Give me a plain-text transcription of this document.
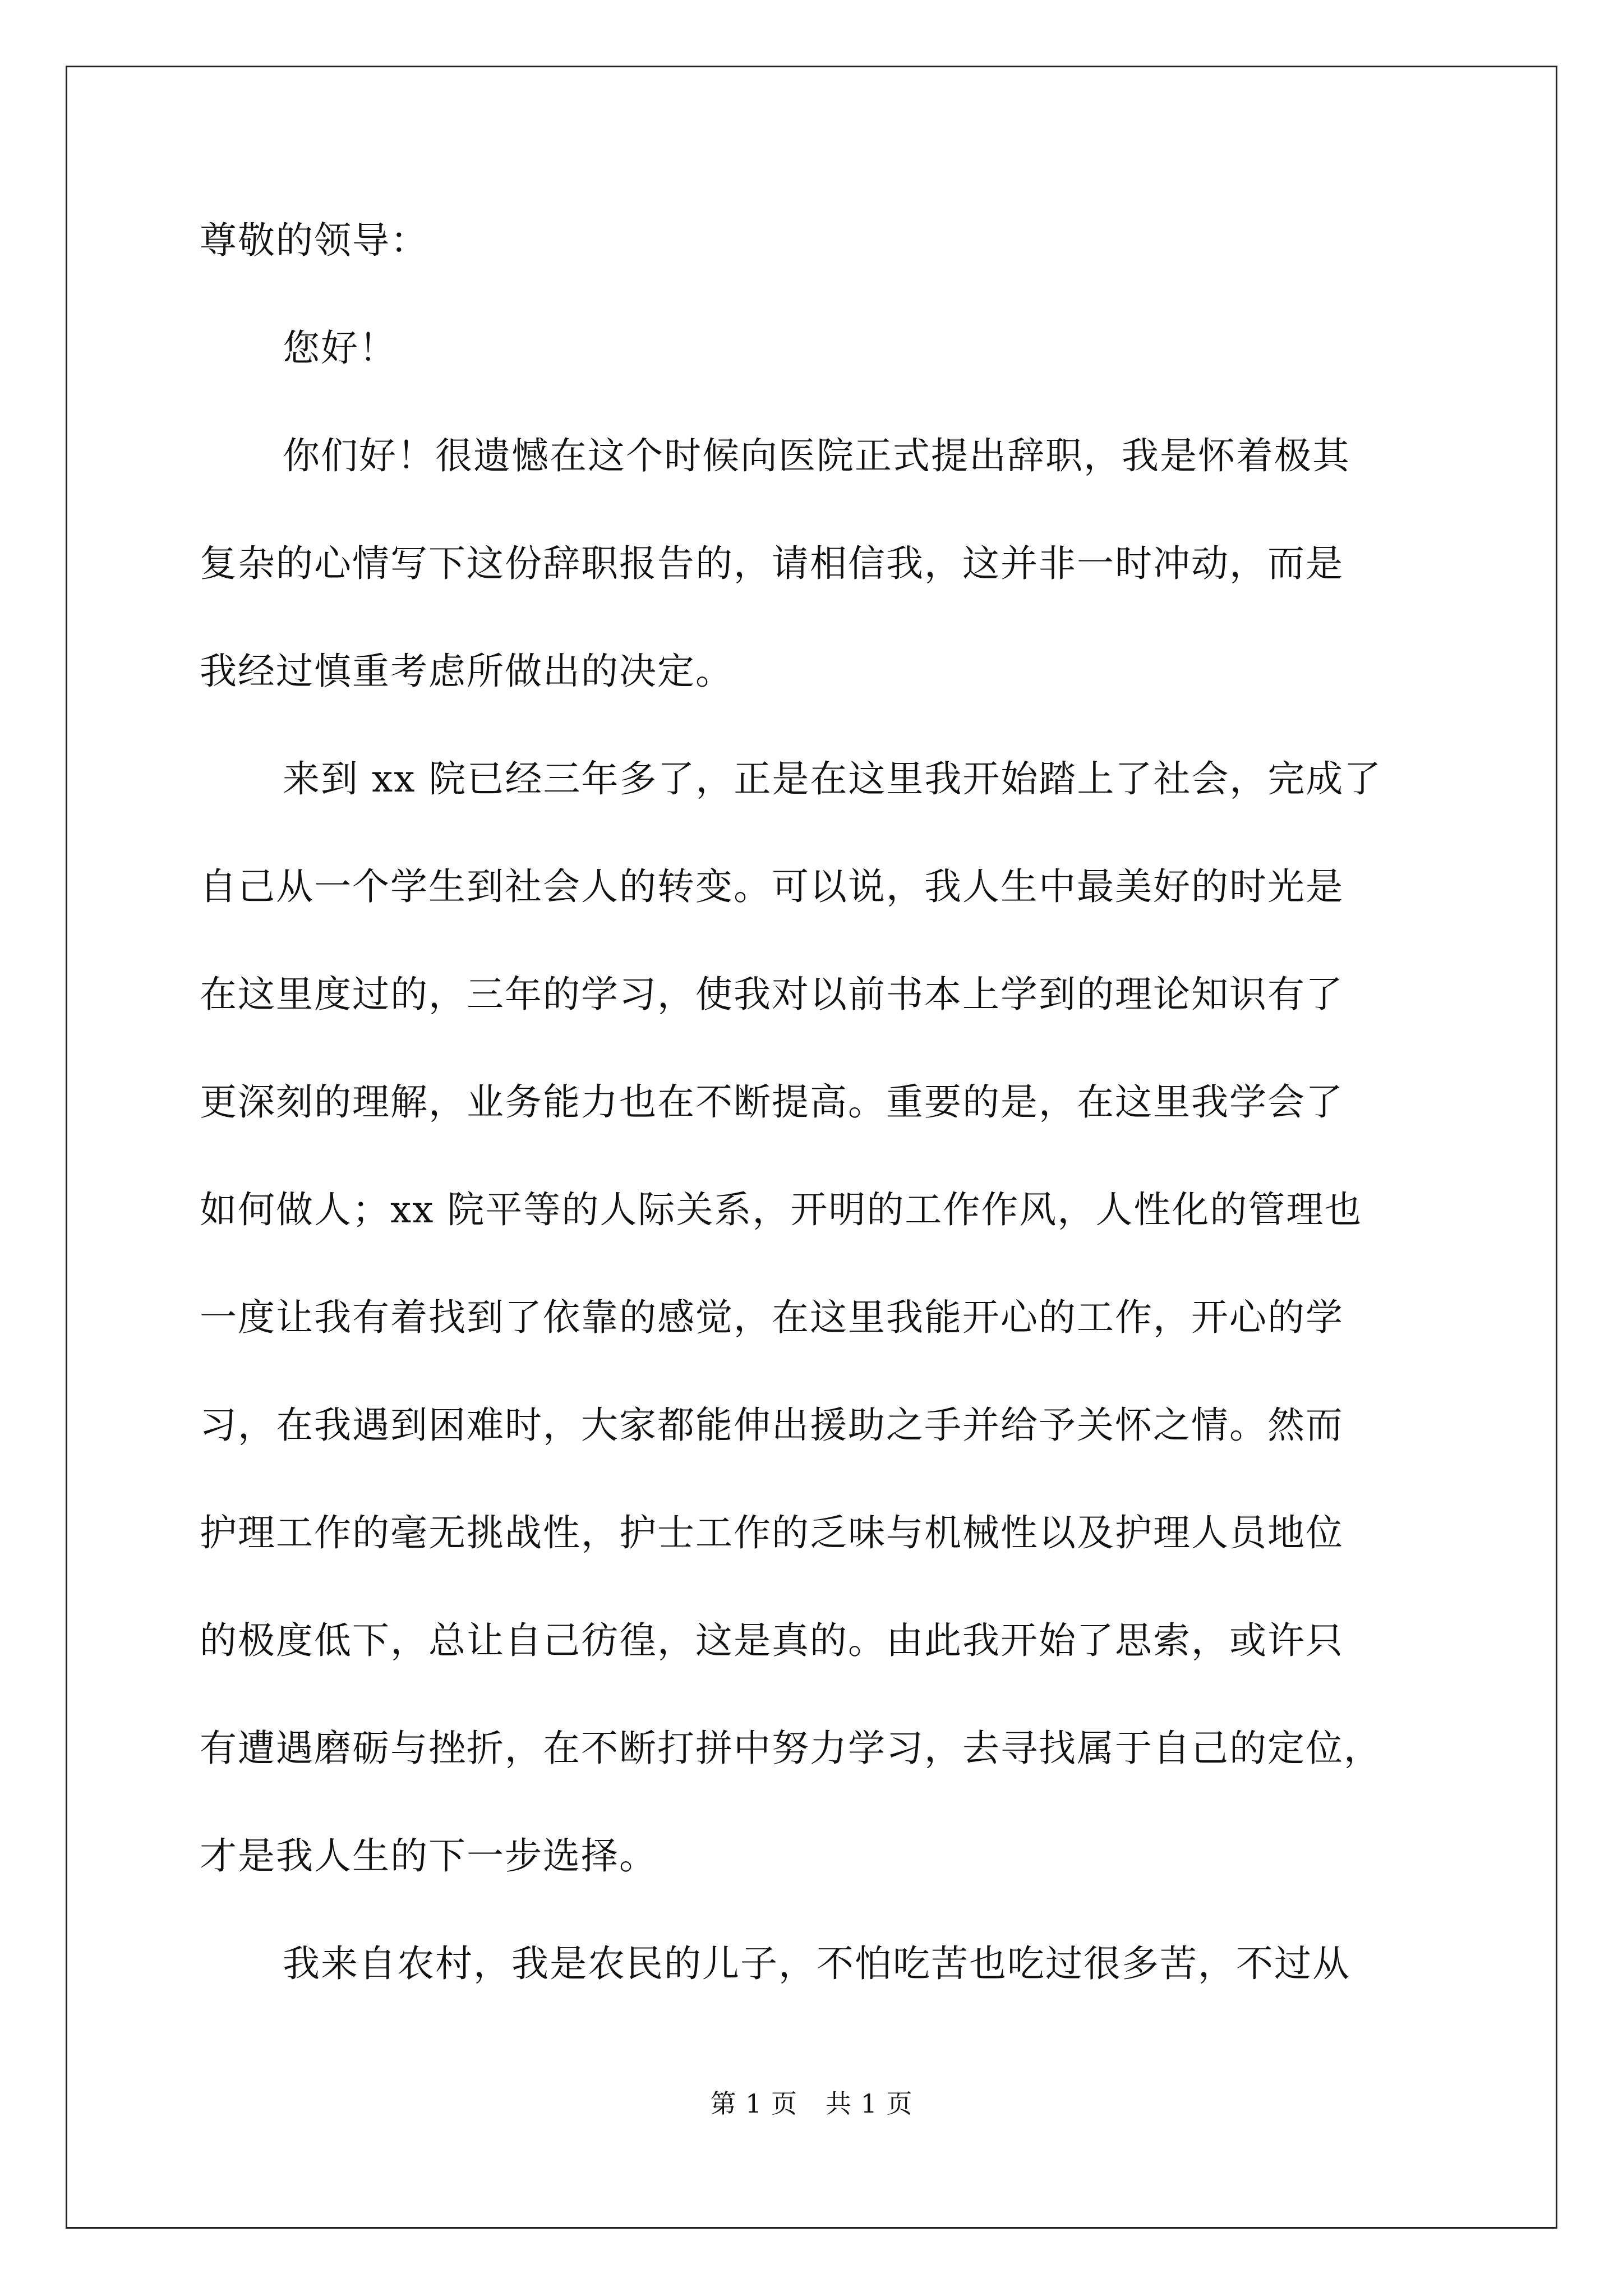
尊敬的领导：
您好！
你们好！很遗憾在这个时候向医院正式提出辞职，我是怀着极其
复杂的心情写下这份辞职报告的，请相信我，这并非一时冲动，而是
我经过慎重考虑所做出的决定。
来到 xx 院已经三年多了，正是在这里我开始踏上了社会，完成了
自己从一个学生到社会人的转变。可以说，我人生中最美好的时光是
在这里度过的，三年的学习，使我对以前书本上学到的理论知识有了
更深刻的理解，业务能力也在不断提高。重要的是，在这里我学会了
如何做人；xx 院平等的人际关系，开明的工作作风，人性化的管理也
一度让我有着找到了依靠的感觉，在这里我能开心的工作，开心的学
习，在我遇到困难时，大家都能伸出援助之手并给予关怀之情。然而
护理工作的毫无挑战性，护士工作的乏味与机械性以及护理人员地位
的极度低下，总让自己彷徨，这是真的。由此我开始了思索，或许只
有遭遇磨砺与挫折，在不断打拼中努力学习，去寻找属于自己的定位，
才是我人生的下一步选择。
我来自农村，我是农民的儿子，不怕吃苦也吃过很多苦，不过从
第 1 页 共 1 页
